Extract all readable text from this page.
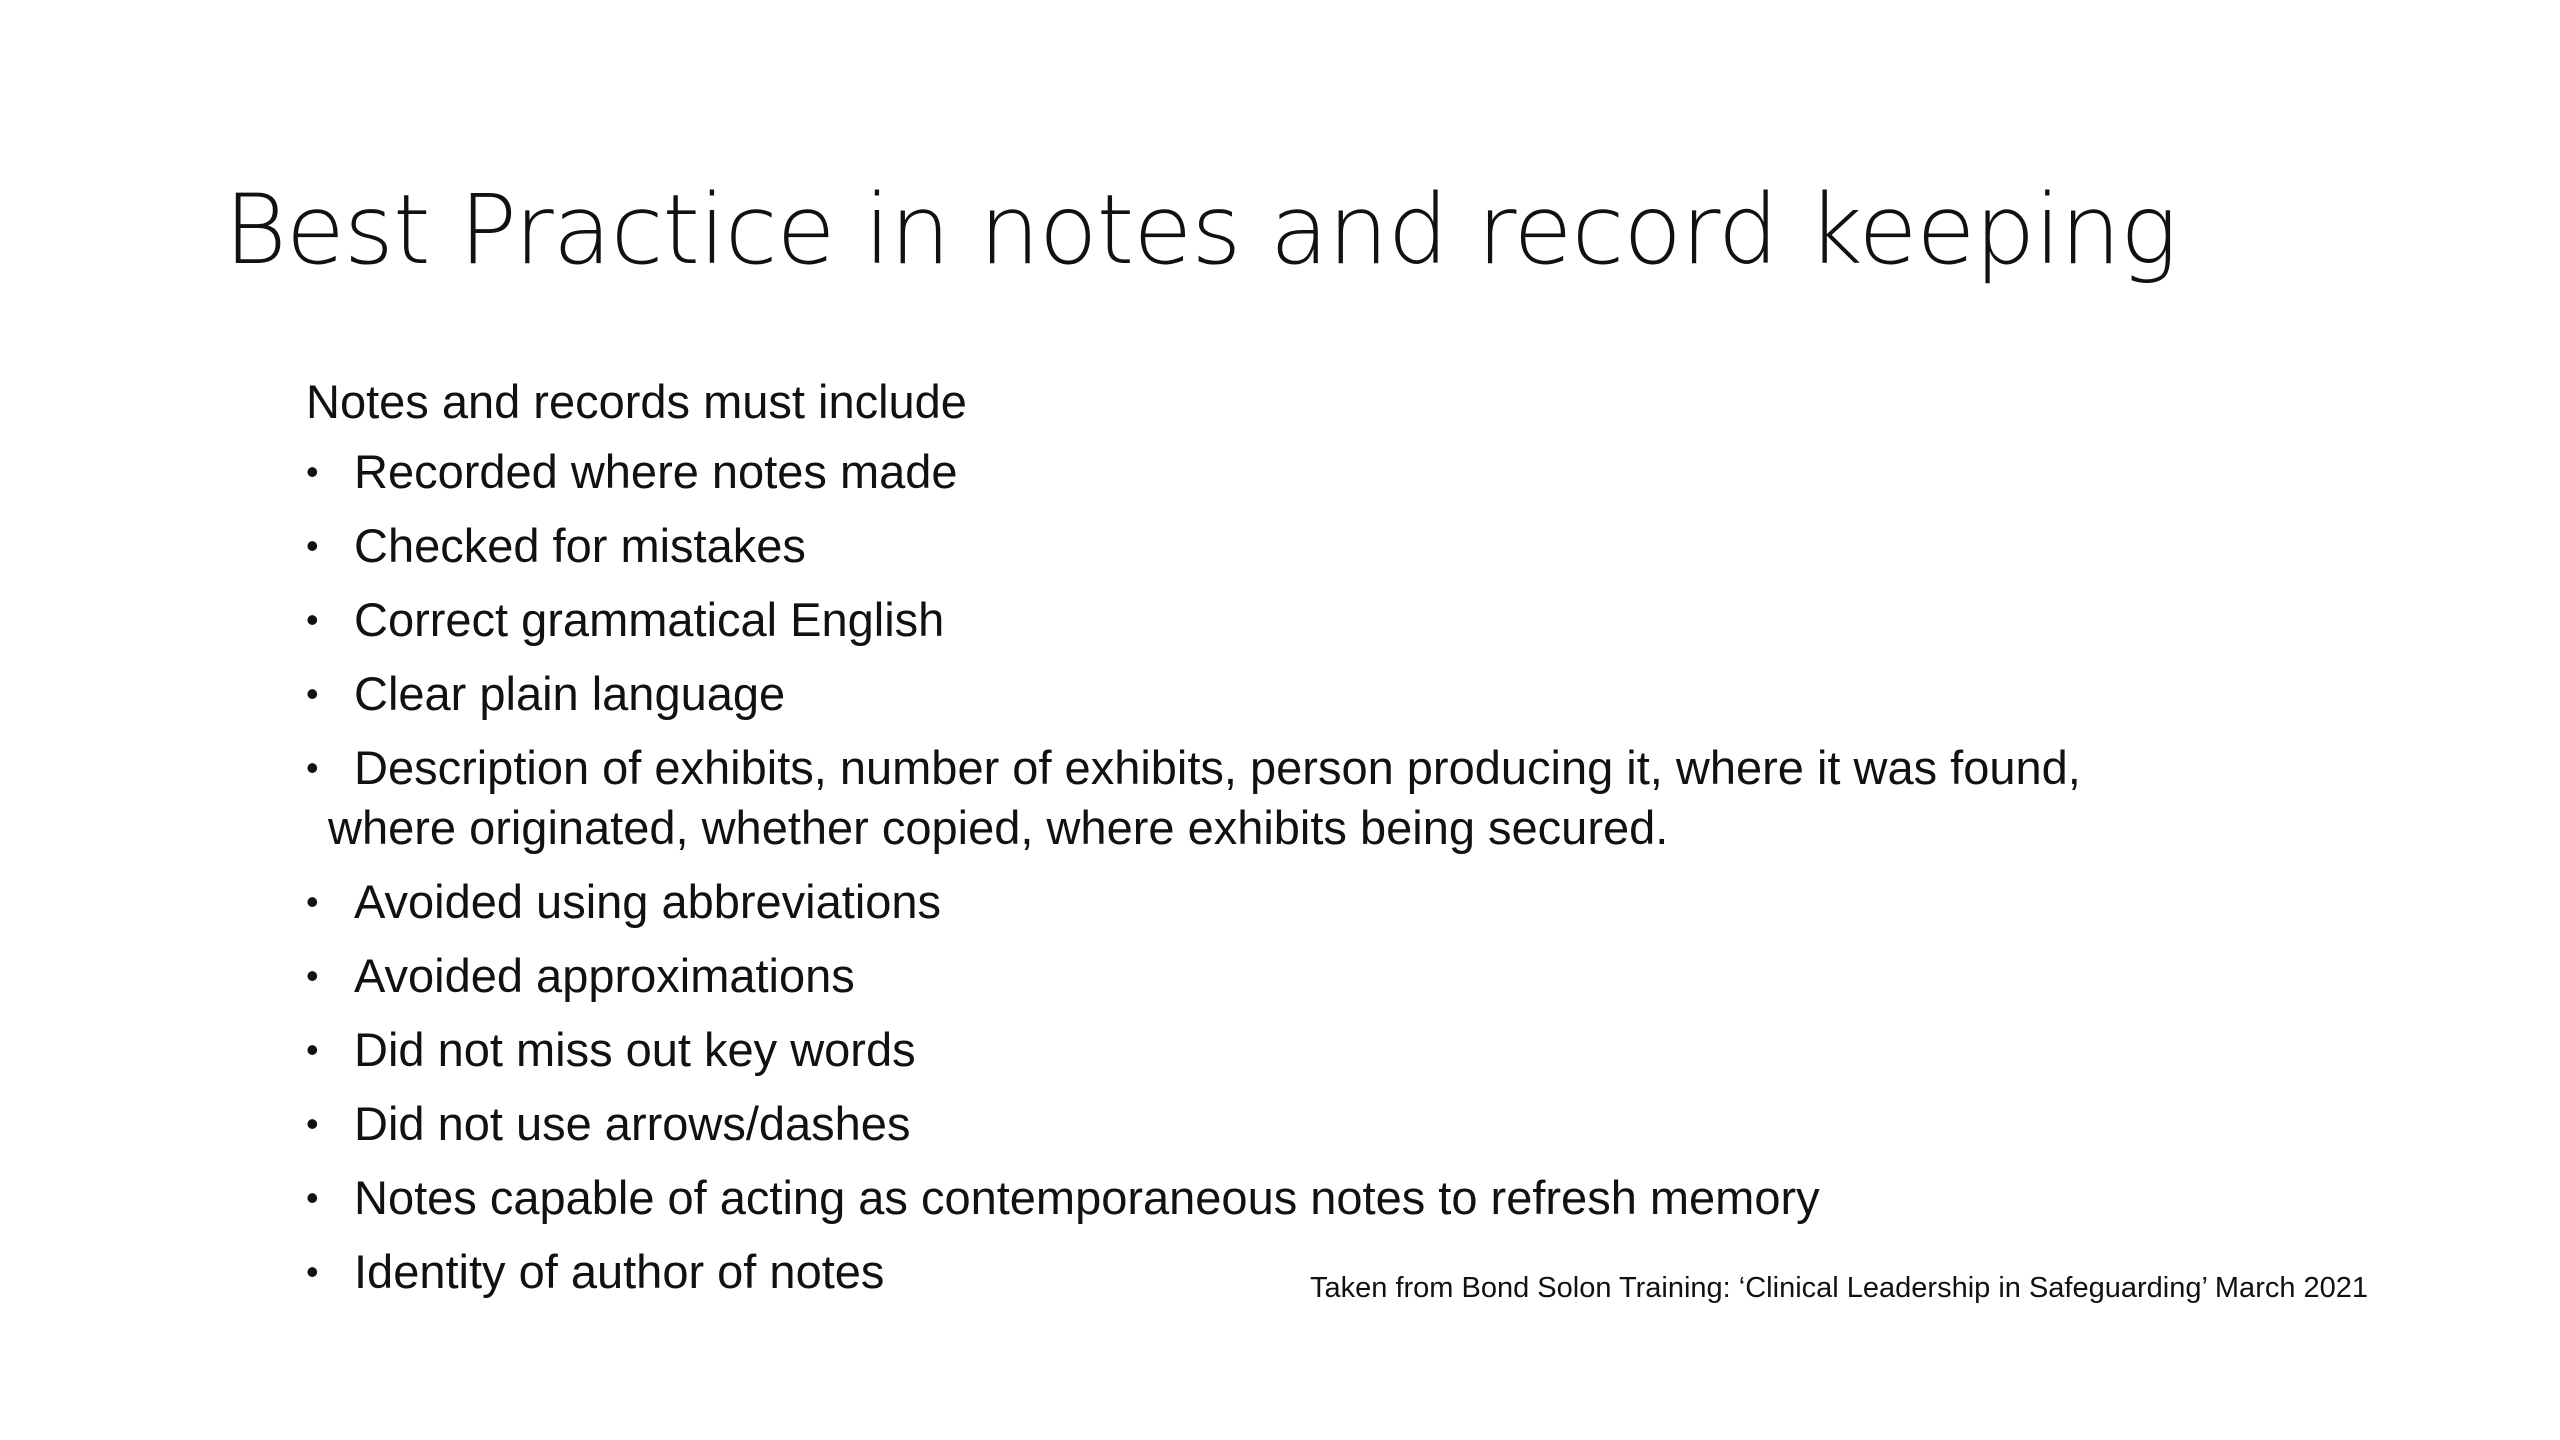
Best Practice in notes and record keeping

Notes and records must include

• Recorded where notes made
• Checked for mistakes
• Correct grammatical English
• Clear plain language
• Description of exhibits, number of exhibits, person producing it, where it was found,
where originated, whether copied, where exhibits being secured.
• Avoided using abbreviations
• Avoided approximations
• Did not miss out key words
• Did not use arrows/dashes
• Notes capable of acting as contemporaneous notes to refresh memory
• Identity of author of notes	Taken from Bond Solon Training: ‘Clinical Leadership in Safeguarding’ March 2021
